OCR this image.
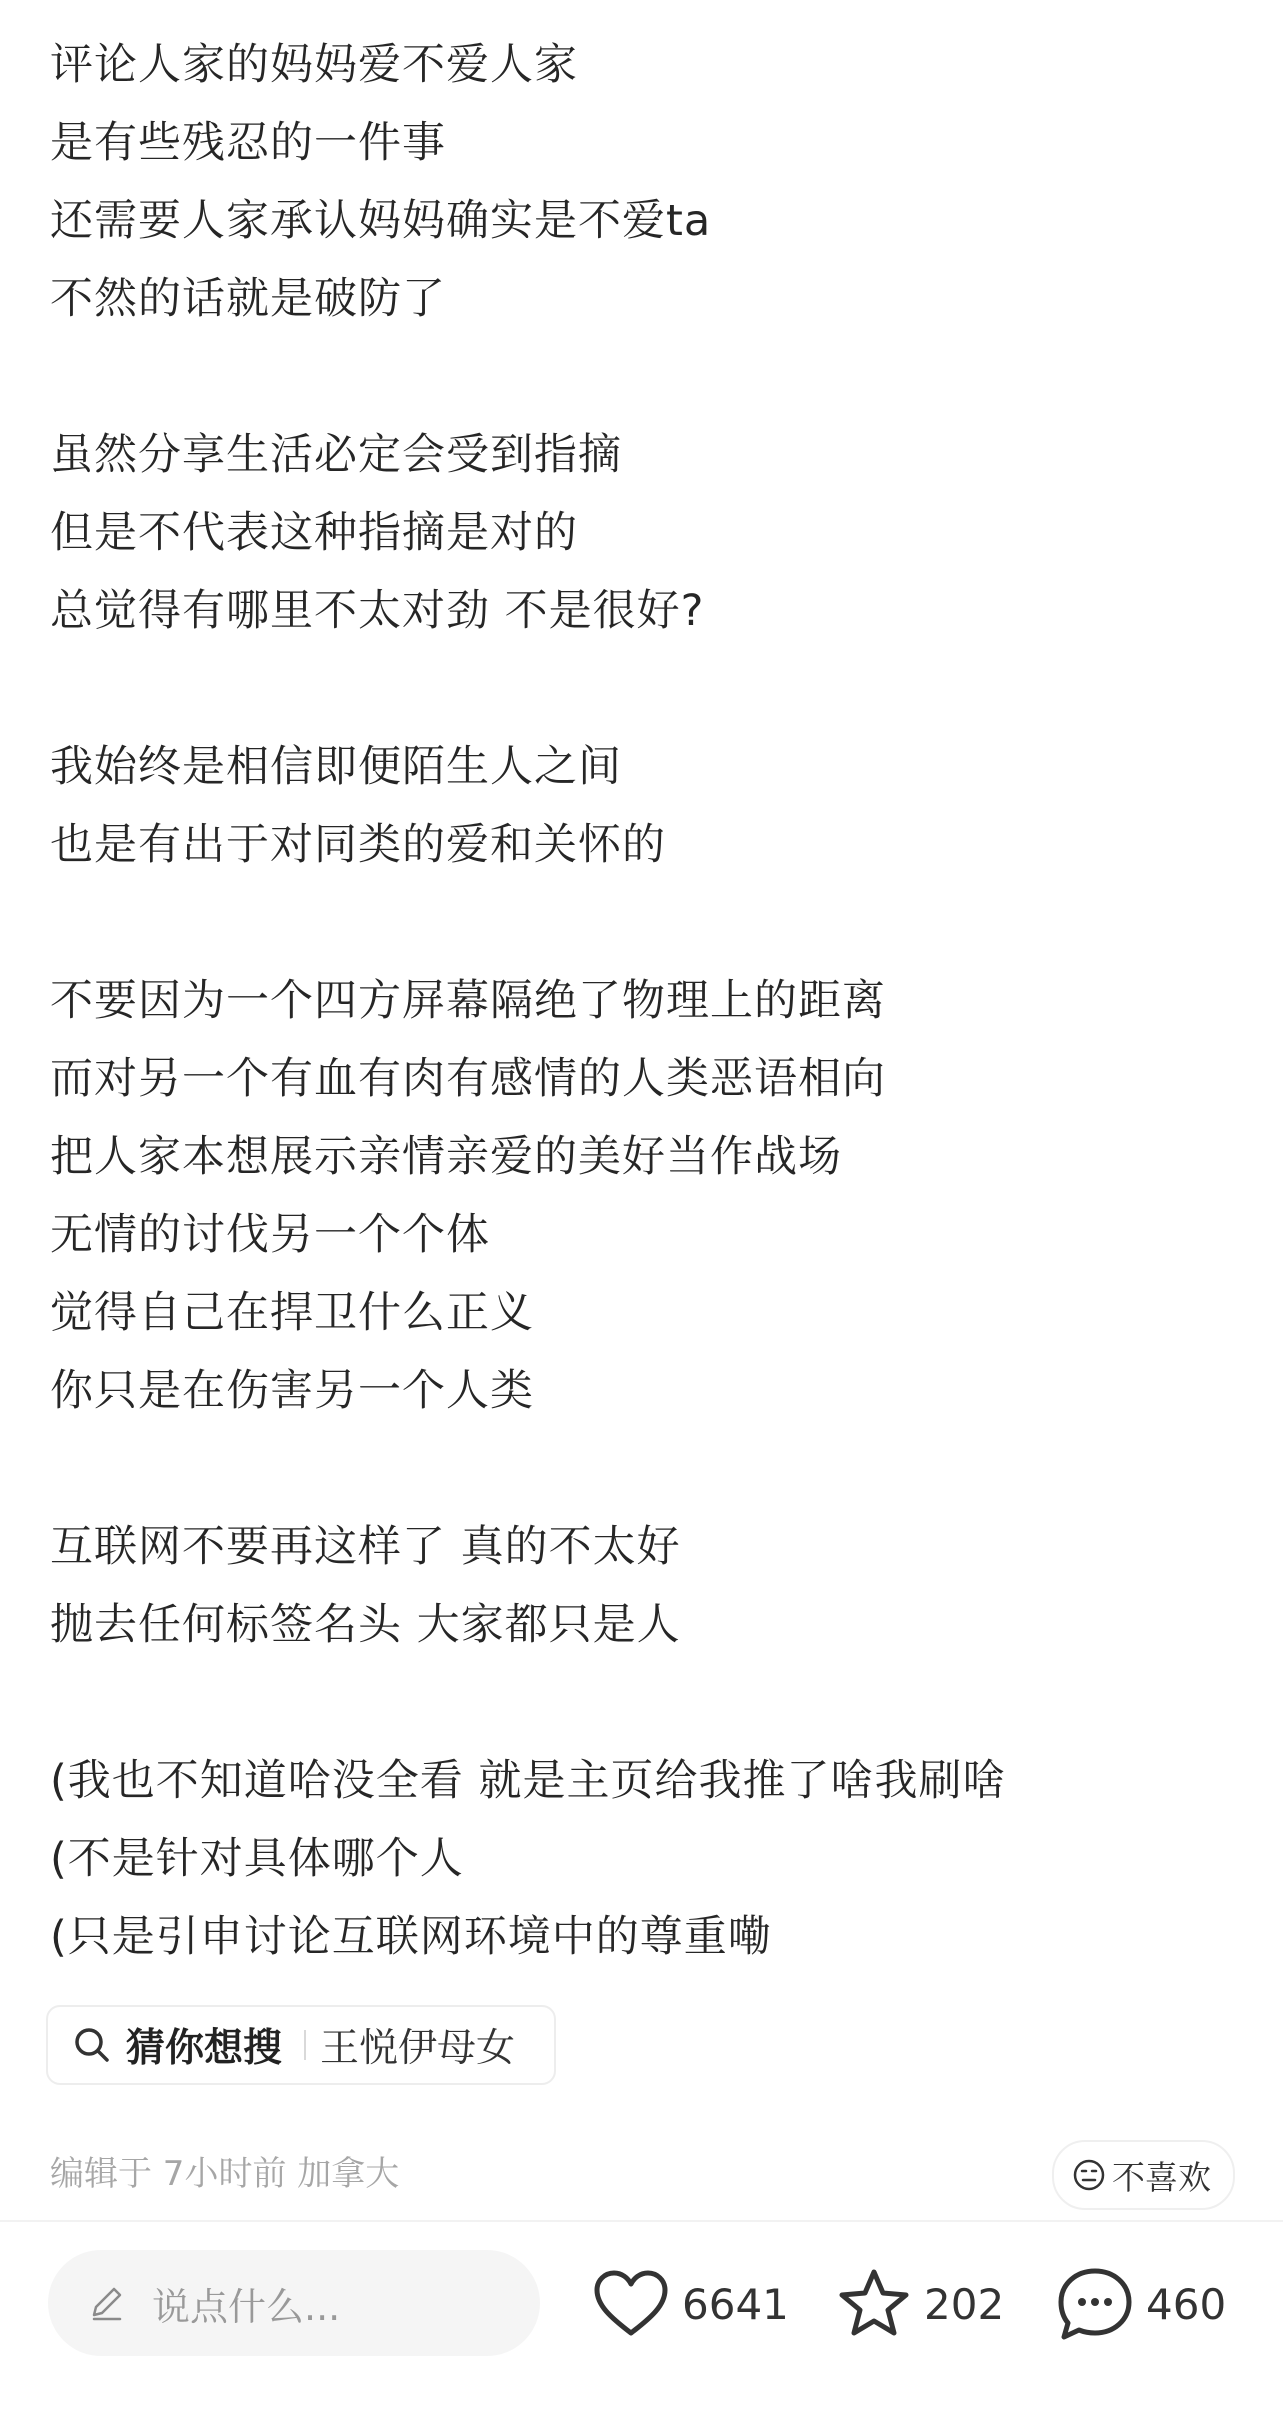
评论人家的妈妈爱不爱人家
是有些残忍的一件事
还需要人家承认妈妈确实是不爱ta
不然的话就是破防了
虽然分享生活必定会受到指摘
但是不代表这种指摘是对的
总觉得有哪里不太对劲 不是很好?
我始终是相信即便陌生人之间
也是有出于对同类的爱和关怀的
不要因为一个四方屏幕隔绝了物理上的距离
而对另一个有血有肉有感情的人类恶语相向
把人家本想展示亲情亲爱的美好当作战场
无情的讨伐另一个个体
觉得自己在捍卫什么正义
你只是在伤害另一个人类
互联网不要再这样了 真的不太好
抛去任何标签名头 大家都只是人
(我也不知道哈没全看 就是主页给我推了啥我刷啥
(不是针对具体哪个人
(只是引申讨论互联网环境中的尊重嘞
猜你想搜 王悦伊母女
编辑于 7小时前 加拿大	不喜欢
说点什么...	6641	202	460
